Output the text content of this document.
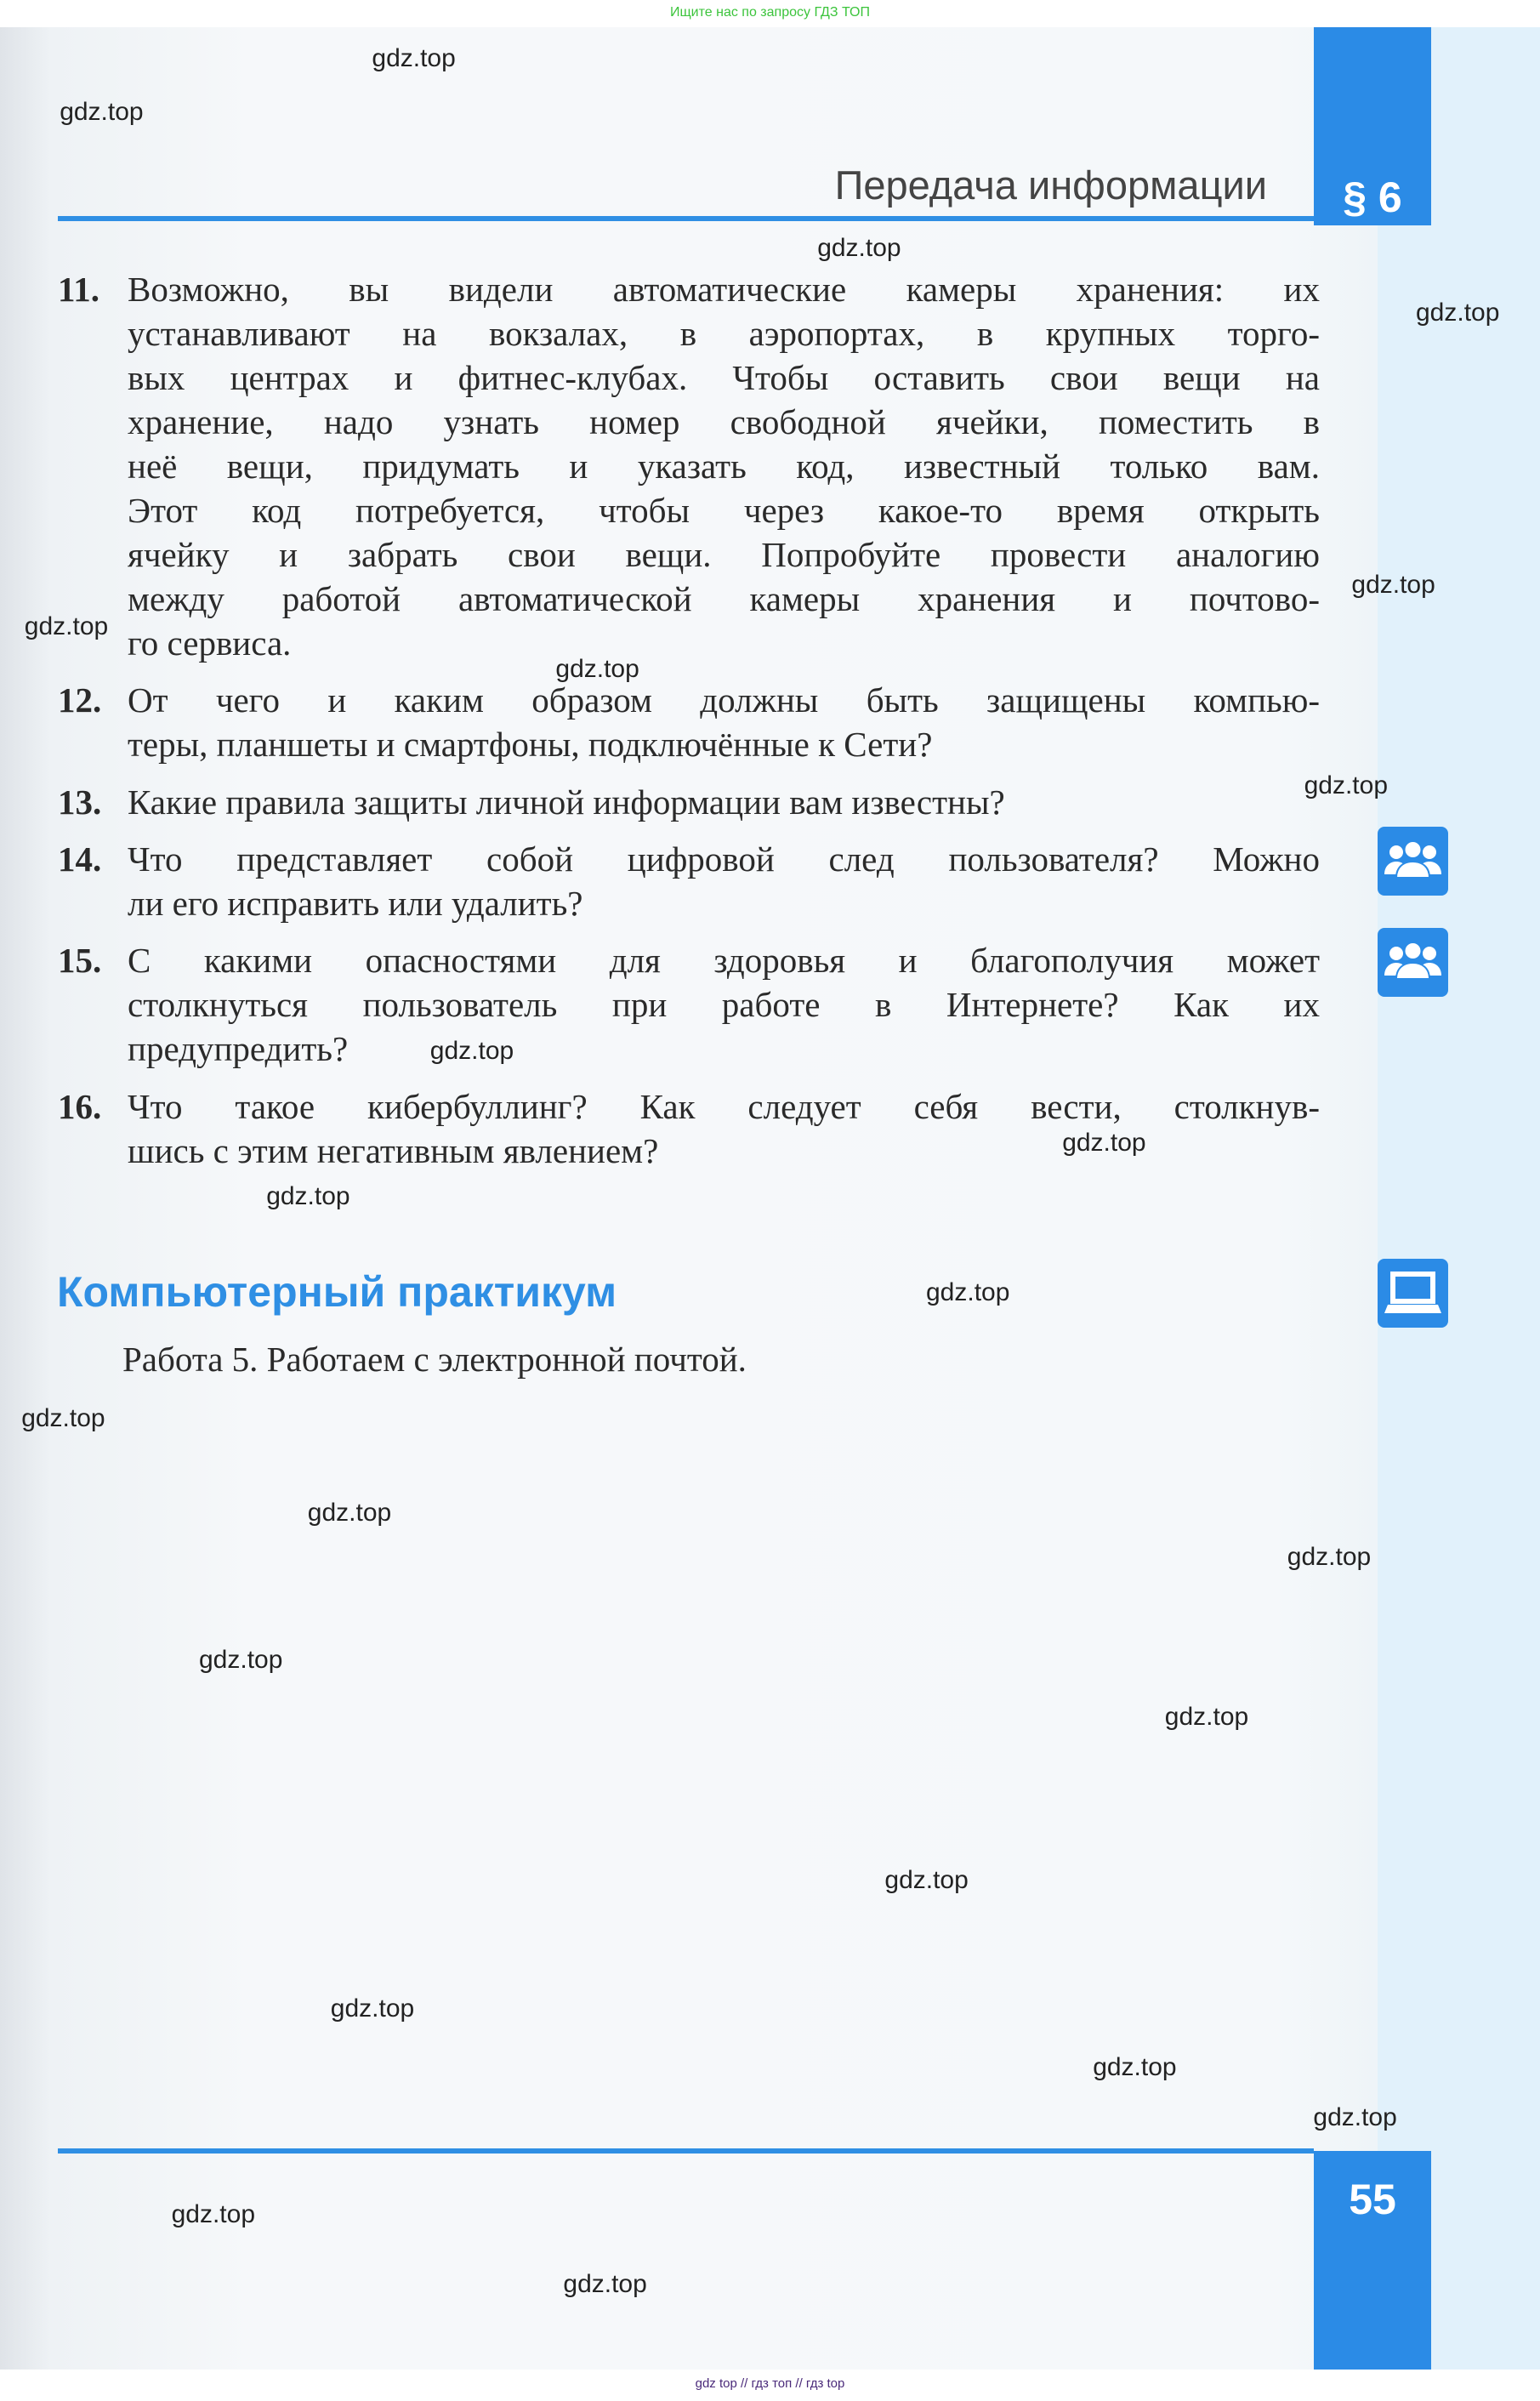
Ищите нас по запросу ГДЗ ТОП
§ 6
Передача информации
11. Возможно, вы видели автоматические камеры хранения: их
устанавливают на вокзалах, в аэропортах, в крупных торго-
вых центрах и фитнес-клубах. Чтобы оставить свои вещи на
хранение, надо узнать номер свободной ячейки, поместить в
неё вещи, придумать и указать код, известный только вам.
Этот код потребуется, чтобы через какое-то время открыть
ячейку и забрать свои вещи. Попробуйте провести аналогию
между работой автоматической камеры хранения и почтово-
го сервиса.
12. От чего и каким образом должны быть защищены компью-
теры, планшеты и смартфоны, подключённые к Сети?
13. Какие правила защиты личной информации вам известны?
14. Что представляет собой цифровой след пользователя? Можно
ли его исправить или удалить?
15. С какими опасностями для здоровья и благополучия может
столкнуться пользователь при работе в Интернете? Как их
предупредить?
16. Что такое кибербуллинг? Как следует себя вести, столкнув-
шись с этим негативным явлением?
Компьютерный практикум
Работа 5. Работаем с электронной почтой.
55
gdz.top
gdz.top
gdz.top
gdz.top
gdz.top
gdz.top
gdz.top
gdz.top
gdz.top
gdz.top
gdz.top
gdz.top
gdz.top
gdz.top
gdz.top
gdz.top
gdz.top
gdz.top
gdz.top
gdz.top
gdz.top
gdz.top
gdz.top
gdz top // гдз топ // гдз top
